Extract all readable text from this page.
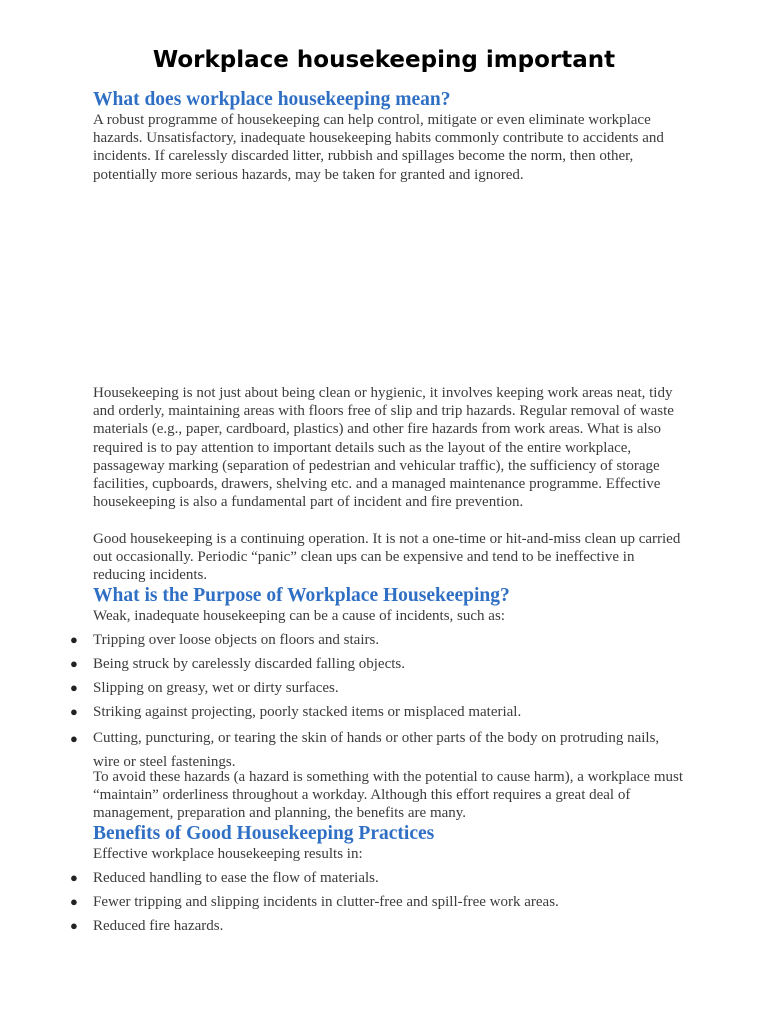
Workplace housekeeping important
What does workplace housekeeping mean?

A robust programme of housekeeping can help control, mitigate or even eliminate workplace hazards. Unsatisfactory, inadequate housekeeping habits commonly contribute to accidents and incidents. If carelessly discarded litter, rubbish and spillages become the norm, then other, potentially more serious hazards, may be taken for granted and ignored.

Housekeeping is not just about being clean or hygienic, it involves keeping work areas neat, tidy and orderly, maintaining areas with floors free of slip and trip hazards. Regular removal of waste materials (e.g., paper, cardboard, plastics) and other fire hazards from work areas. What is also required is to pay attention to important details such as the layout of the entire workplace, passageway marking (separation of pedestrian and vehicular traffic), the sufficiency of storage facilities, cupboards, drawers, shelving etc. and a managed maintenance programme. Effective housekeeping is also a fundamental part of incident and fire prevention.

Good housekeeping is a continuing operation. It is not a one-time or hit-and-miss clean up carried out occasionally. Periodic “panic” clean ups can be expensive and tend to be ineffective in reducing incidents.

What is the Purpose of Workplace Housekeeping?

Weak, inadequate housekeeping can be a cause of incidents, such as:

● Tripping over loose objects on floors and stairs.
● Being struck by carelessly discarded falling objects.
● Slipping on greasy, wet or dirty surfaces.
● Striking against projecting, poorly stacked items or misplaced material.
● Cutting, puncturing, or tearing the skin of hands or other parts of the body on protruding nails, wire or steel fastenings.

To avoid these hazards (a hazard is something with the potential to cause harm), a workplace must “maintain” orderliness throughout a workday. Although this effort requires a great deal of management, preparation and planning, the benefits are many.

Benefits of Good Housekeeping Practices

Effective workplace housekeeping results in:

● Reduced handling to ease the flow of materials.
● Fewer tripping and slipping incidents in clutter-free and spill-free work areas.
● Reduced fire hazards.
